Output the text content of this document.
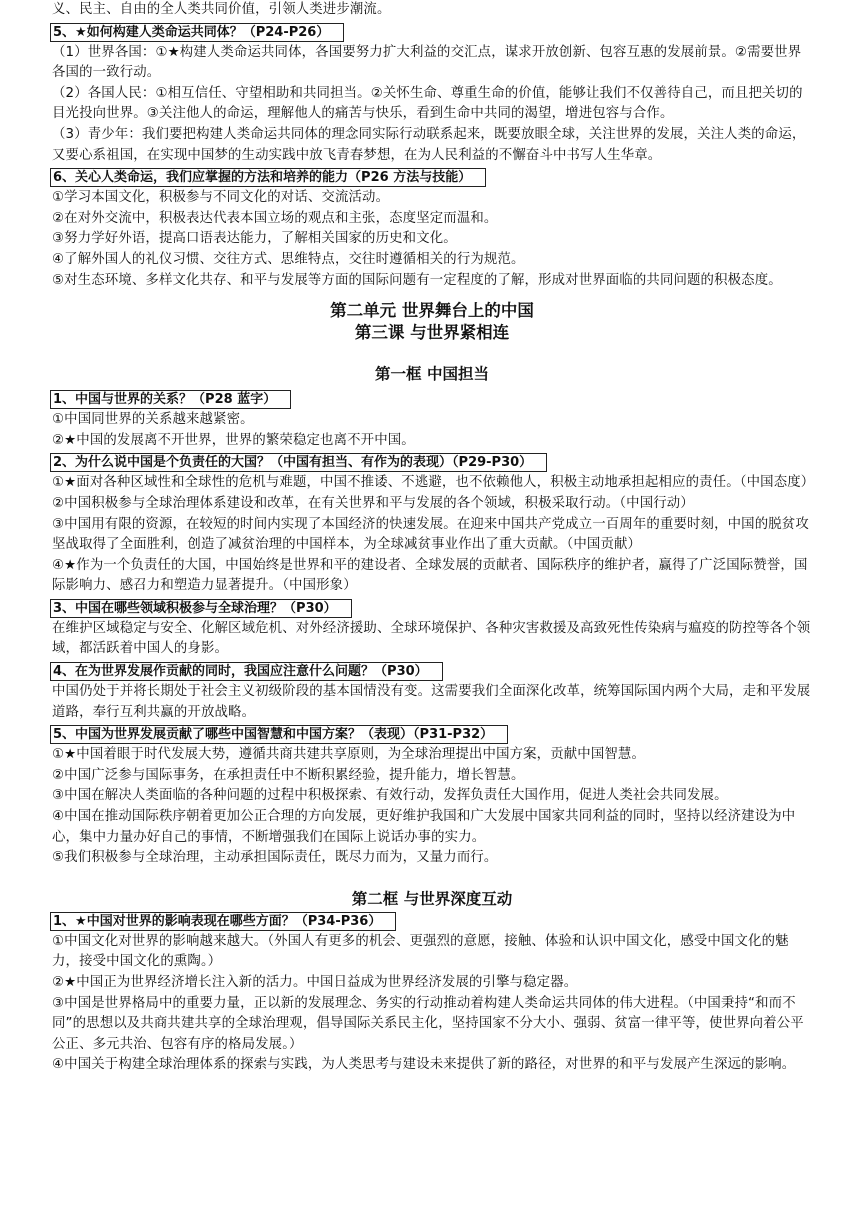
义、民主、自由的全人类共同价值，引领人类进步潮流。

5、★如何构建人类命运共同体？（P24-P26）

（1）世界各国：①★构建人类命运共同体，各国要努力扩大利益的交汇点，谋求开放创新、包容互惠的发展前景。②需要世界各国的一致行动。

（2）各国人民：①相互信任、守望相助和共同担当。②关怀生命、尊重生命的价值，能够让我们不仅善待自己，而且把关切的目光投向世界。③关注他人的命运，理解他人的痛苦与快乐，看到生命中共同的渴望，增进包容与合作。

（3）青少年：我们要把构建人类命运共同体的理念同实际行动联系起来，既要放眼全球，关注世界的发展，关注人类的命运，又要心系祖国，在实现中国梦的生动实践中放飞青春梦想，在为人民利益的不懈奋斗中书写人生华章。

6、关心人类命运，我们应掌握的方法和培养的能力（P26 方法与技能）

①学习本国文化，积极参与不同文化的对话、交流活动。

②在对外交流中，积极表达代表本国立场的观点和主张，态度坚定而温和。

③努力学好外语，提高口语表达能力，了解相关国家的历史和文化。

④了解外国人的礼仪习惯、交往方式、思维特点，交往时遵循相关的行为规范。

⑤对生态环境、多样文化共存、和平与发展等方面的国际问题有一定程度的了解，形成对世界面临的共同问题的积极态度。

第二单元 世界舞台上的中国
第三课 与世界紧相连
第一框 中国担当
1、中国与世界的关系？（P28 蓝字）

①中国同世界的关系越来越紧密。

②★中国的发展离不开世界，世界的繁荣稳定也离不开中国。

2、为什么说中国是个负责任的大国？（中国有担当、有作为的表现）（P29-P30）

①★面对各种区域性和全球性的危机与难题，中国不推诿、不逃避，也不依赖他人，积极主动地承担起相应的责任。（中国态度）

②中国积极参与全球治理体系建设和改革，在有关世界和平与发展的各个领域，积极采取行动。（中国行动）

③中国用有限的资源，在较短的时间内实现了本国经济的快速发展。在迎来中国共产党成立一百周年的重要时刻，中国的脱贫攻坚战取得了全面胜利，创造了减贫治理的中国样本，为全球减贫事业作出了重大贡献。（中国贡献）

④★作为一个负责任的大国，中国始终是世界和平的建设者、全球发展的贡献者、国际秩序的维护者，赢得了广泛国际赞誉，国际影响力、感召力和塑造力显著提升。（中国形象）

3、中国在哪些领域积极参与全球治理？（P30）

在维护区域稳定与安全、化解区域危机、对外经济援助、全球环境保护、各种灾害救援及高致死性传染病与瘟疫的防控等各个领域，都活跃着中国人的身影。

4、在为世界发展作贡献的同时，我国应注意什么问题？（P30）

中国仍处于并将长期处于社会主义初级阶段的基本国情没有变。这需要我们全面深化改革，统筹国际国内两个大局，走和平发展道路，奉行互利共赢的开放战略。

5、中国为世界发展贡献了哪些中国智慧和中国方案？（表现）（P31-P32）

①★中国着眼于时代发展大势，遵循共商共建共享原则，为全球治理提出中国方案，贡献中国智慧。

②中国广泛参与国际事务，在承担责任中不断积累经验，提升能力，增长智慧。

③中国在解决人类面临的各种问题的过程中积极探索、有效行动，发挥负责任大国作用，促进人类社会共同发展。

④中国在推动国际秩序朝着更加公正合理的方向发展，更好维护我国和广大发展中国家共同利益的同时，坚持以经济建设为中心，集中力量办好自己的事情，不断增强我们在国际上说话办事的实力。

⑤我们积极参与全球治理，主动承担国际责任，既尽力而为，又量力而行。

第二框 与世界深度互动
1、★中国对世界的影响表现在哪些方面？（P34-P36）

①中国文化对世界的影响越来越大。（外国人有更多的机会、更强烈的意愿，接触、体验和认识中国文化，感受中国文化的魅力，接受中国文化的熏陶。）

②★中国正为世界经济增长注入新的活力。中国日益成为世界经济发展的引擎与稳定器。

③中国是世界格局中的重要力量，正以新的发展理念、务实的行动推动着构建人类命运共同体的伟大进程。（中国秉持“和而不同”的思想以及共商共建共享的全球治理观，倡导国际关系民主化，坚持国家不分大小、强弱、贫富一律平等，使世界向着公平公正、多元共治、包容有序的格局发展。）

④中国关于构建全球治理体系的探索与实践，为人类思考与建设未来提供了新的路径，对世界的和平与发展产生深远的影响。
